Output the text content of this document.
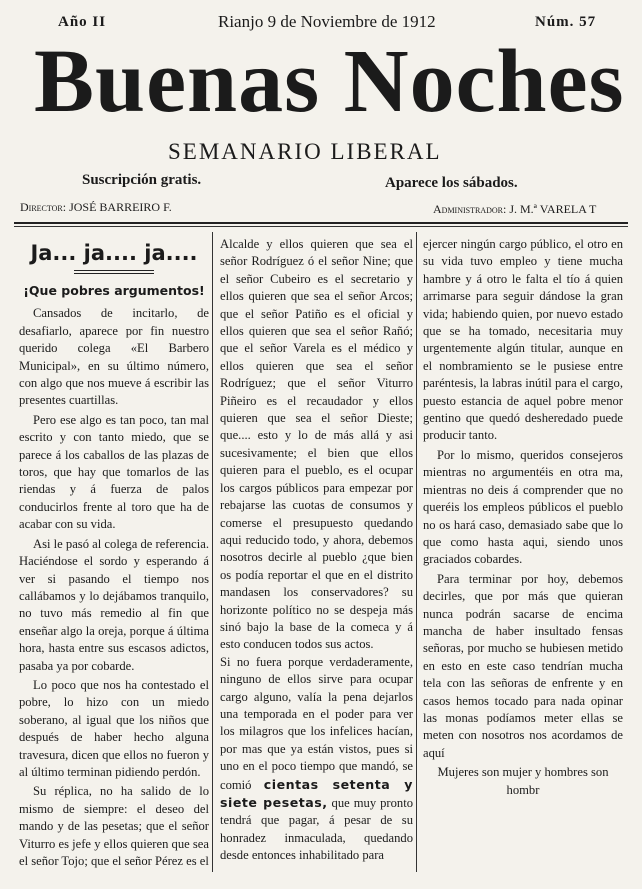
Año II	Rianjo 9 de Noviembre de 1912	Núm. 57
Buenas Noches
SEMANARIO LIBERAL
Suscripción gratis.	Aparece los sábados.
Director: JOSÉ BARREIRO F.	Administrador: J. M.ª VARELA T
Ja... ja.... ja....
¡Que pobres argumentos!

Cansados de incitarlo, de desafiarlo, aparece por fin nuestro querido colega «El Barbero Municipal», en su último número, con algo que nos mueve á escribir las presentes cuartillas.

Pero ese algo es tan poco, tan mal escrito y con tanto miedo, que se parece á los caballos de las plazas de toros, que hay que tomarlos de las riendas y á fuerza de palos conducirlos frente al toro que ha de acabar con su vida.

Asi le pasó al colega de referencia. Haciéndose el sordo y esperando á ver si pasando el tiempo nos callábamos y lo dejábamos tranquilo, no tuvo más remedio al fin que enseñar algo la oreja, porque á última hora, hasta entre sus escasos adictos, pasaba ya por cobarde.

Lo poco que nos ha contestado el pobre, lo hizo con un miedo soberano, al igual que los niños que después de haber hecho alguna travesura, dicen que ellos no fueron y al último terminan pidiendo perdón.

Su réplica, no ha salido de lo mismo de siempre: el deseo del mando y de las pesetas; que el señor Viturro es jefe y ellos quieren que sea el señor Tojo; que el señor Pérez es el

Alcalde y ellos quieren que sea el señor Rodríguez ó el señor Nine; que el señor Cubeiro es el secretario y ellos quieren que sea el señor Arcos; que el señor Patiño es el oficial y ellos quieren que sea el señor Rañó; que el señor Varela es el médico y ellos quieren que sea el señor Rodríguez; que el señor Viturro Piñeiro es el recaudador y ellos quieren que sea el señor Dieste; que.... esto y lo de más allá y asi sucesivamente; el bien que ellos quieren para el pueblo, es el ocupar los cargos públicos para empezar por rebajarse las cuotas de consumos y comerse el presupuesto quedando aqui reducido todo, y ahora, debemos nosotros decirle al pueblo ¿que bien os podía reportar el que en el distrito mandasen los conservadores? su horizonte político no se despeja más sinó bajo la base de la comeca y á esto conducen todos sus actos.

Si no fuera porque verdaderamente, ninguno de ellos sirve para ocupar cargo alguno, valía la pena dejarlos una temporada en el poder para ver los milagros que los infelices hacían, por mas que ya están vistos, pues si uno en el poco tiempo que mandó, se comió cientas setenta y siete pesetas, que muy pronto tendrá que pagar, á pesar de su honradez inmaculada, quedando desde entonces inhabilitado para

ejercer ningún cargo público, el otro en su vida tuvo empleo y tiene mucha hambre y á otro le falta el tío á quien arrimarse para seguir dándose la gran vida; habiendo quien, por nuevo estado que se ha tomado, necesitaria muy urgentemente algún titular, aunque en el nombramiento se le pusiese entre paréntesis, la labras inútil para el cargo, puesto estancia de aquel pobre menor gentino que quedó desheredado puede producir tanto.

Por lo mismo, queridos consejeros mientras no argumentéis en otra ma, mientras no deis á comprender que no queréis los empleos públicos el pueblo no os hará caso, demasiado sabe que lo que como hasta aqui, siendo unos graciados cobardes.

Para terminar por hoy, debemos decirles, que por más que quieran nunca podrán sacarse de encima mancha de haber insultado fensas señoras, por mucho se hubiesen metido en esto en este caso tendrían mucha tela con las señoras de enfrente y en casos hemos tocado para nada opinar las monas podíamos meter ellas se meten con nosotros nos acordamos de aquí

Mujeres son mujer y hombres son hombr
